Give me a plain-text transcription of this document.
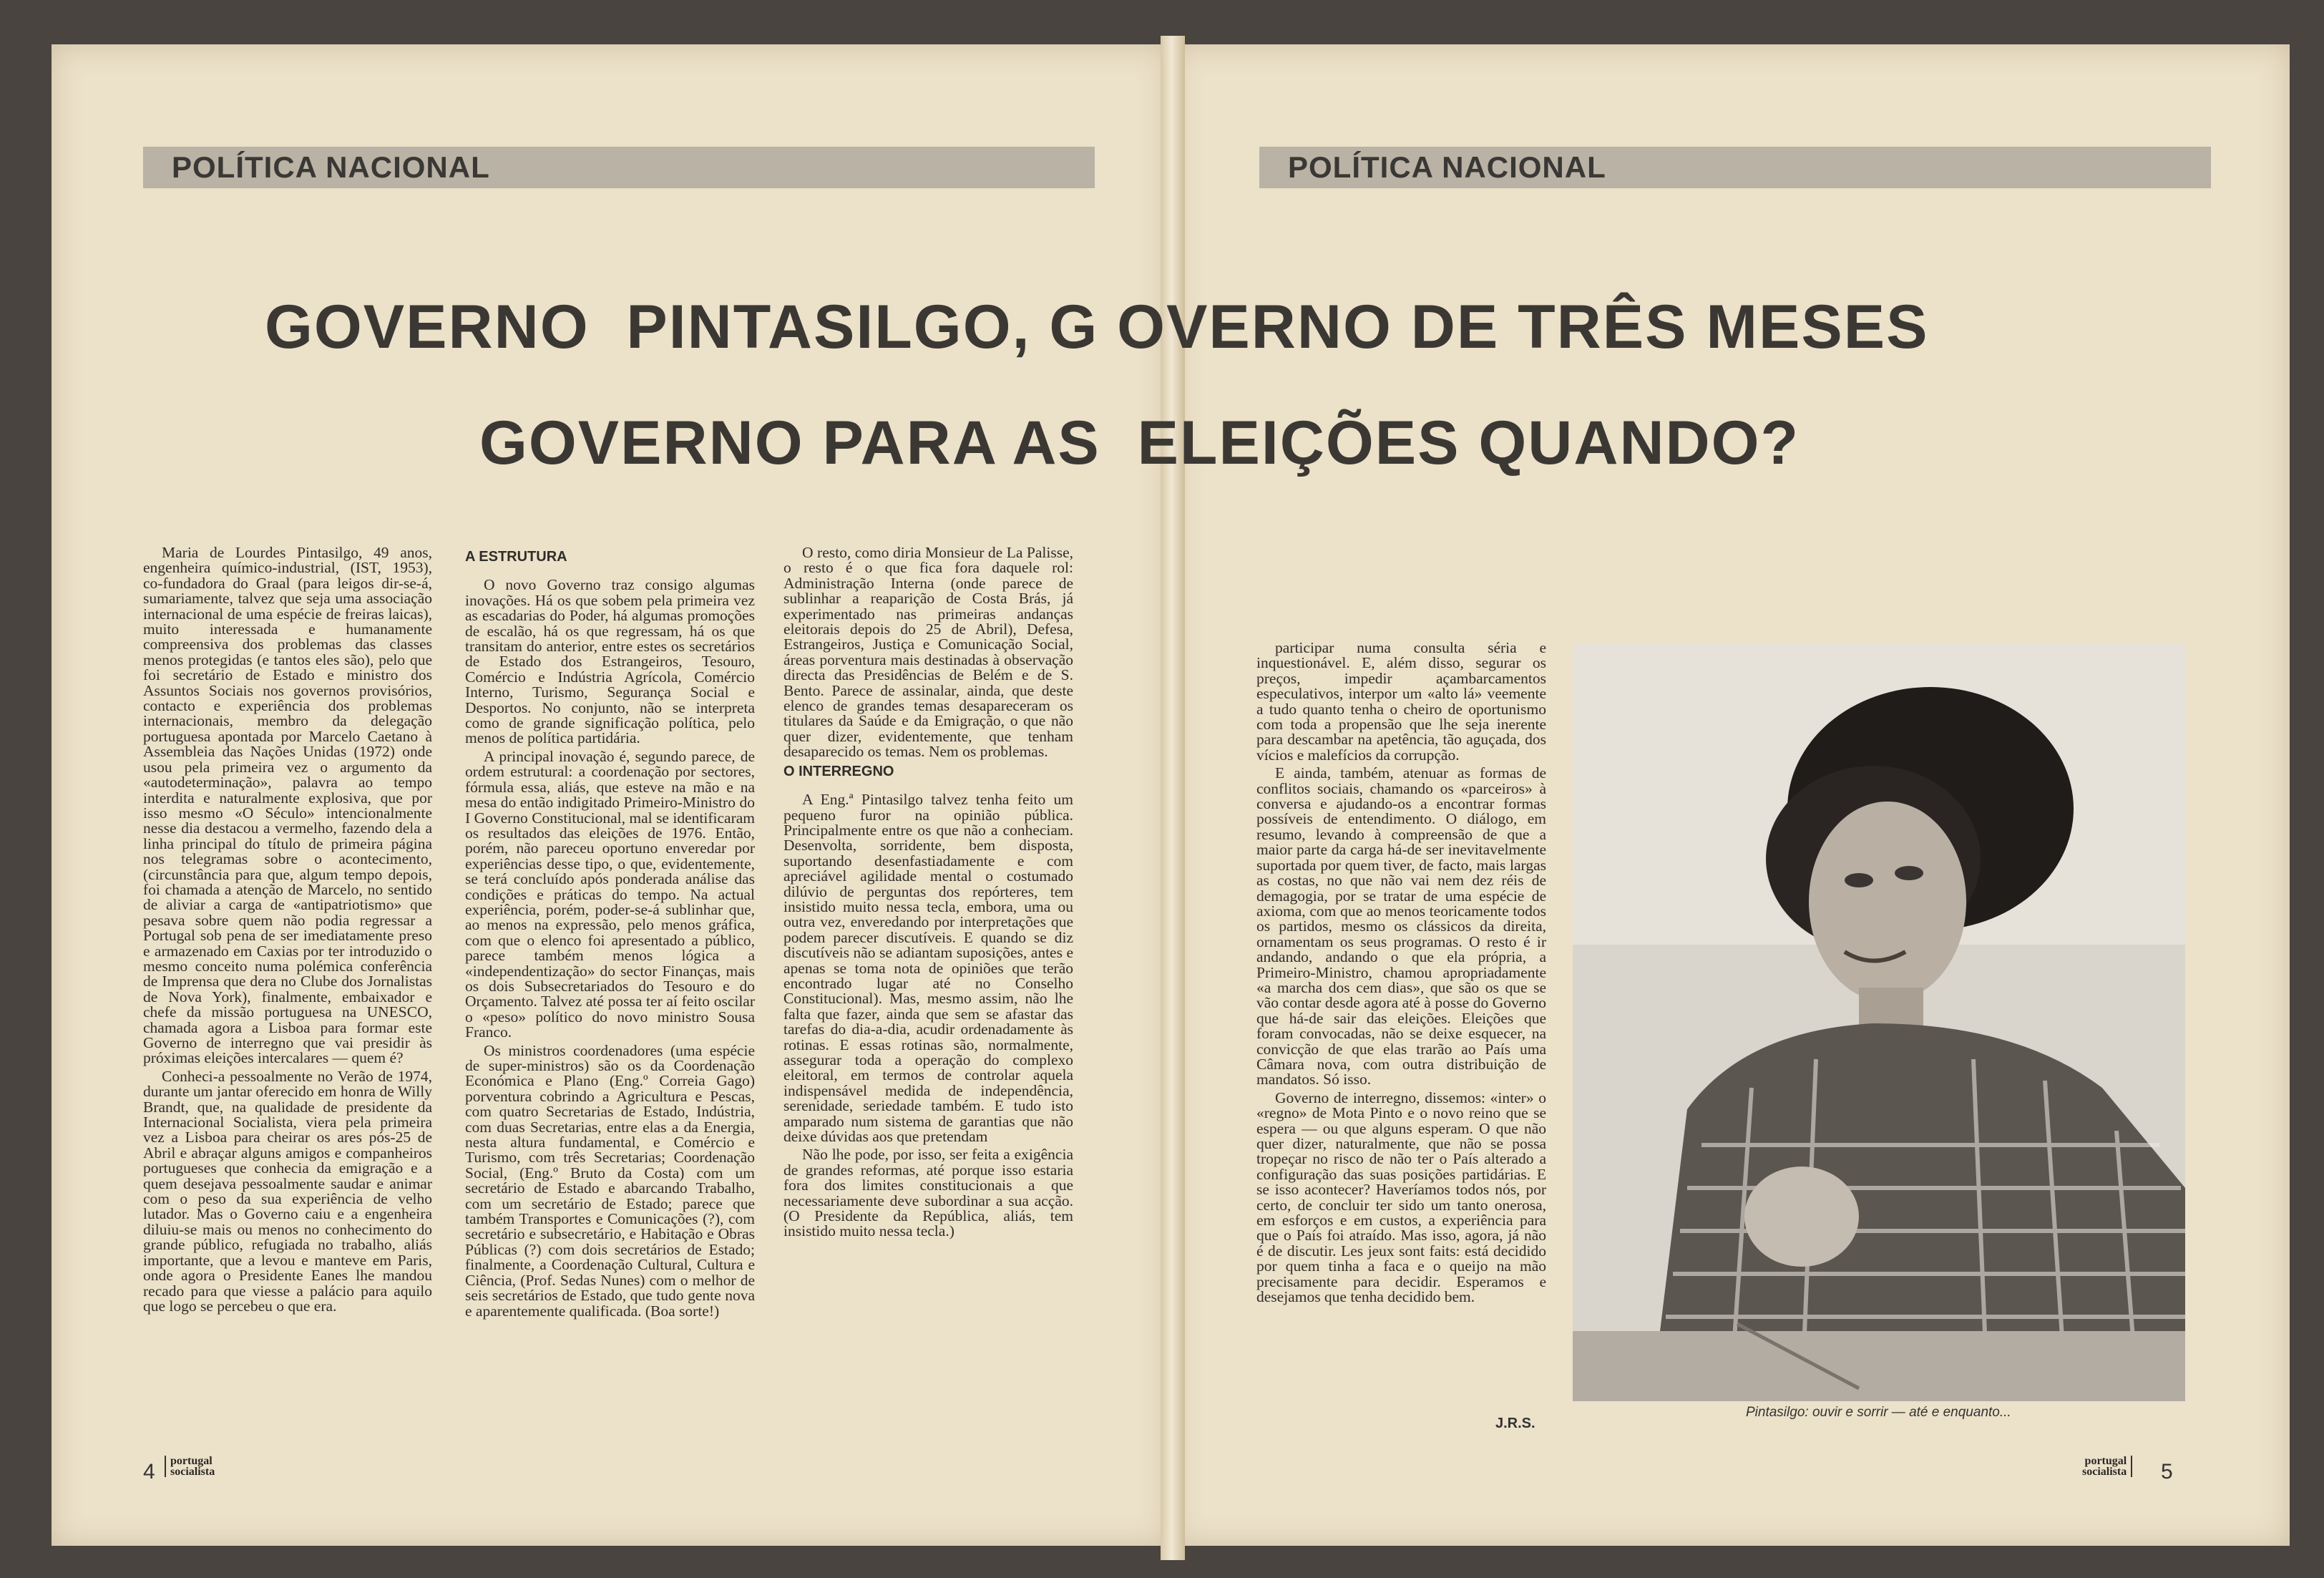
POLÍTICA NACIONAL	POLÍTICA NACIONAL
GOVERNO  PINTASILGO, G OVERNO DE TRÊS MESES
GOVERNO PARA AS  ELEIÇÕES QUANDO?

Maria de Lourdes Pintasilgo, 49 anos, engenheira químico-industrial, (IST, 1953), co-fundadora do Graal (para leigos dir-se-á, sumariamente, talvez que seja uma associação internacional de uma espécie de freiras laicas), muito interessada e humanamente compreensiva dos problemas das classes menos protegidas (e tantos eles são), pelo que foi secretário de Estado e ministro dos Assuntos Sociais nos governos provisórios, contacto e experiência dos problemas internacionais, membro da delegação portuguesa apontada por Marcelo Caetano à Assembleia das Nações Unidas (1972) onde usou pela primeira vez o argumento da «autodeterminação», palavra ao tempo interdita e naturalmente explosiva, que por isso mesmo «O Século» intencionalmente nesse dia destacou a vermelho, fazendo dela a linha principal do título de primeira página nos telegramas sobre o acontecimento, (circunstância para que, algum tempo depois, foi chamada a atenção de Marcelo, no sentido de aliviar a carga de «antipatriotismo» que pesava sobre quem não podia regressar a Portugal sob pena de ser imediatamente preso e armazenado em Caxias por ter introduzido o mesmo conceito numa polémica conferência de Imprensa que dera no Clube dos Jornalistas de Nova York), finalmente, embaixador e chefe da missão portuguesa na UNESCO, chamada agora a Lisboa para formar este Governo de interregno que vai presidir às próximas eleições intercalares — quem é?

Conheci-a pessoalmente no Verão de 1974, durante um jantar oferecido em honra de Willy Brandt, que, na qualidade de presidente da Internacional Socialista, viera pela primeira vez a Lisboa para cheirar os ares pós-25 de Abril e abraçar alguns amigos e companheiros portugueses que conhecia da emigração e a quem desejava pessoalmente saudar e animar com o peso da sua experiência de velho lutador. Mas o Governo caiu e a engenheira diluiu-se mais ou menos no conhecimento do grande público, refugiada no trabalho, aliás importante, que a levou e manteve em Paris, onde agora o Presidente Eanes lhe mandou recado para que viesse a palácio para aquilo que logo se percebeu o que era.

A ESTRUTURA

O novo Governo traz consigo algumas inovações. Há os que sobem pela primeira vez as escadarias do Poder, há algumas promoções de escalão, há os que regressam, há os que transitam do anterior, entre estes os secretários de Estado dos Estrangeiros, Tesouro, Comércio e Indústria Agrícola, Comércio Interno, Turismo, Segurança Social e Desportos. No conjunto, não se interpreta como de grande significação política, pelo menos de política partidária.

A principal inovação é, segundo parece, de ordem estrutural: a coordenação por sectores, fórmula essa, aliás, que esteve na mão e na mesa do então indigitado Primeiro-Ministro do I Governo Constitucional, mal se identificaram os resultados das eleições de 1976. Então, porém, não pareceu oportuno enveredar por experiências desse tipo, o que, evidentemente, se terá concluído após ponderada análise das condições e práticas do tempo. Na actual experiência, porém, poder-se-á sublinhar que, ao menos na expressão, pelo menos gráfica, com que o elenco foi apresentado a público, parece também menos lógica a «independentização» do sector Finanças, mais os dois Subsecretariados do Tesouro e do Orçamento. Talvez até possa ter aí feito oscilar o «peso» político do novo ministro Sousa Franco.

Os ministros coordenadores (uma espécie de super-ministros) são os da Coordenação Económica e Plano (Eng.º Correia Gago) porventura cobrindo a Agricultura e Pescas, com quatro Secretarias de Estado, Indústria, com duas Secretarias, entre elas a da Energia, nesta altura fundamental, e Comércio e Turismo, com três Secretarias; Coordenação Social, (Eng.º Bruto da Costa) com um secretário de Estado e abarcando Trabalho, com um secretário de Estado; parece que também Transportes e Comunicações (?), com secretário e subsecretário, e Habitação e Obras Públicas (?) com dois secretários de Estado; finalmente, a Coordenação Cultural, Cultura e Ciência, (Prof. Sedas Nunes) com o melhor de seis secretários de Estado, que tudo gente nova e aparentemente qualificada. (Boa sorte!)

O resto, como diria Monsieur de La Palisse, o resto é o que fica fora daquele rol: Administração Interna (onde parece de sublinhar a reaparição de Costa Brás, já experimentado nas primeiras andanças eleitorais depois do 25 de Abril), Defesa, Estrangeiros, Justiça e Comunicação Social, áreas porventura mais destinadas à observação directa das Presidências de Belém e de S. Bento. Parece de assinalar, ainda, que deste elenco de grandes temas desapareceram os titulares da Saúde e da Emigração, o que não quer dizer, evidentemente, que tenham desaparecido os temas. Nem os problemas.

O INTERREGNO

A Eng.ª Pintasilgo talvez tenha feito um pequeno furor na opinião pública. Principalmente entre os que não a conheciam. Desenvolta, sorridente, bem disposta, suportando desenfastiadamente e com apreciável agilidade mental o costumado dilúvio de perguntas dos repórteres, tem insistido muito nessa tecla, embora, uma ou outra vez, enveredando por interpretações que podem parecer discutíveis. E quando se diz discutíveis não se adiantam suposições, antes e apenas se toma nota de opiniões que terão encontrado lugar até no Conselho Constitucional). Mas, mesmo assim, não lhe falta que fazer, ainda que sem se afastar das tarefas do dia-a-dia, acudir ordenadamente às rotinas. E essas rotinas são, normalmente, assegurar toda a operação do complexo eleitoral, em termos de controlar aquela indispensável medida de independência, serenidade, seriedade também. E tudo isto amparado num sistema de garantias que não deixe dúvidas aos que pretendam

Não lhe pode, por isso, ser feita a exigência de grandes reformas, até porque isso estaria fora dos limites constitucionais a que necessariamente deve subordinar a sua acção. (O Presidente da República, aliás, tem insistido muito nessa tecla.)

participar numa consulta séria e inquestionável. E, além disso, segurar os preços, impedir açambarcamentos especulativos, interpor um «alto lá» veemente a tudo quanto tenha o cheiro de oportunismo com toda a propensão que lhe seja inerente para descambar na apetência, tão aguçada, dos vícios e malefícios da corrupção.

E ainda, também, atenuar as formas de conflitos sociais, chamando os «parceiros» à conversa e ajudando-os a encontrar formas possíveis de entendimento. O diálogo, em resumo, levando à compreensão de que a maior parte da carga há-de ser inevitavelmente suportada por quem tiver, de facto, mais largas as costas, no que não vai nem dez réis de demagogia, por se tratar de uma espécie de axioma, com que ao menos teoricamente todos os partidos, mesmo os clássicos da direita, ornamentam os seus programas. O resto é ir andando, andando o que ela própria, a Primeiro-Ministro, chamou apropriadamente «a marcha dos cem dias», que são os que se vão contar desde agora até à posse do Governo que há-de sair das eleições. Eleições que foram convocadas, não se deixe esquecer, na convicção de que elas trarão ao País uma Câmara nova, com outra distribuição de mandatos. Só isso.

Governo de interregno, dissemos: «inter» o «regno» de Mota Pinto e o novo reino que se espera — ou que alguns esperam. O que não quer dizer, naturalmente, que não se possa tropeçar no risco de não ter o País alterado a configuração das suas posições partidárias. E se isso acontecer? Haveríamos todos nós, por certo, de concluir ter sido um tanto onerosa, em esforços e em custos, a experiência para que o País foi atraído. Mas isso, agora, já não é de discutir. Les jeux sont faits: está decidido por quem tinha a faca e o queijo na mão precisamente para decidir. Esperamos e desejamos que tenha decidido bem.

J.R.S.
Pintasilgo: ouvir e sorrir — até e enquanto...
4 portugal
socialista
portugal
socialista 5
